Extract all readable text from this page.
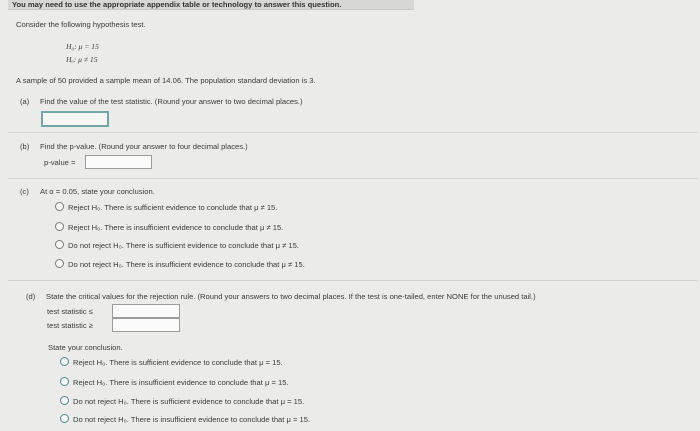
You may need to use the appropriate appendix table or technology to answer this question.
Consider the following hypothesis test.
H₀: μ = 15
Hₐ: μ ≠ 15
A sample of 50 provided a sample mean of 14.06. The population standard deviation is 3.
(a) Find the value of the test statistic. (Round your answer to two decimal places.)
(b) Find the p-value. (Round your answer to four decimal places.)
p-value =
(c) At α = 0.05, state your conclusion.
Reject H₀. There is sufficient evidence to conclude that μ ≠ 15.
Reject H₀. There is insufficient evidence to conclude that μ ≠ 15.
Do not reject H₀. There is sufficient evidence to conclude that μ ≠ 15.
Do not reject H₀. There is insufficient evidence to conclude that μ ≠ 15.
(d) State the critical values for the rejection rule. (Round your answers to two decimal places. If the test is one-tailed, enter NONE for the unused tail.)
test statistic ≤
test statistic ≥
State your conclusion.
Reject H₀. There is sufficient evidence to conclude that μ = 15.
Reject H₀. There is insufficient evidence to conclude that μ = 15.
Do not reject H₀. There is sufficient evidence to conclude that μ = 15.
Do not reject H₀. There is insufficient evidence to conclude that μ = 15.
